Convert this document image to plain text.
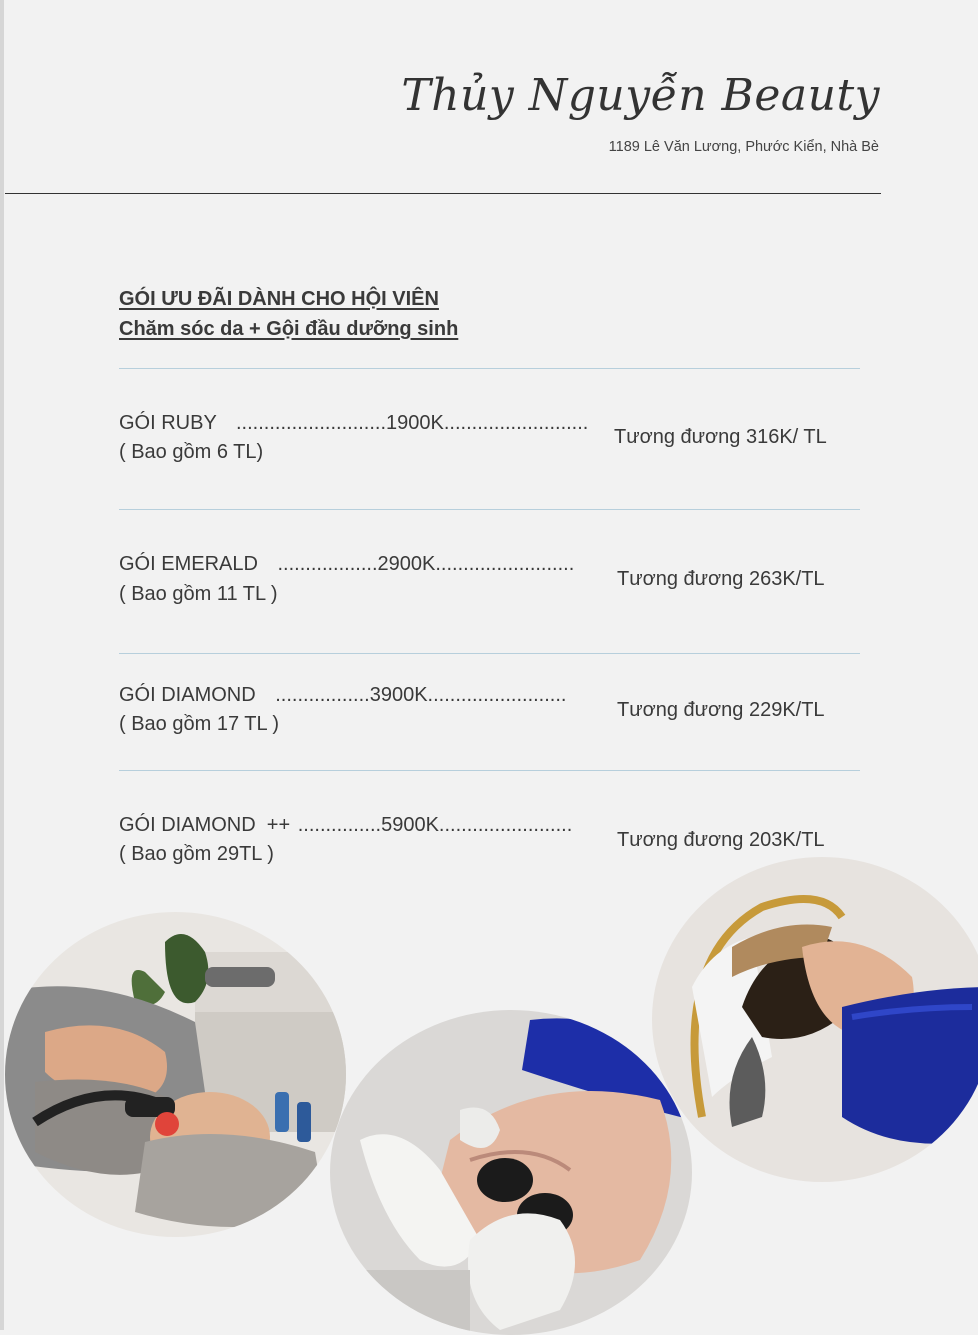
Thủy Nguyễn Beauty
1189 Lê Văn Lương, Phước Kiển, Nhà Bè
GÓI ƯU ĐÃI DÀNH CHO HỘI VIÊN
Chăm sóc da + Gội đầu dưỡng sinh
GÓI RUBY ...........................1900K..........................
( Bao gồm 6 TL)
Tương đương 316K/ TL
GÓI EMERALD ..................2900K.........................
( Bao gồm 11 TL )
Tương đương 263K/TL
GÓI DIAMOND .................3900K.........................
( Bao gồm 17 TL )
Tương đương 229K/TL
GÓI DIAMOND  ++ ...............5900K........................
( Bao gồm 29TL )
Tương đương 203K/TL
